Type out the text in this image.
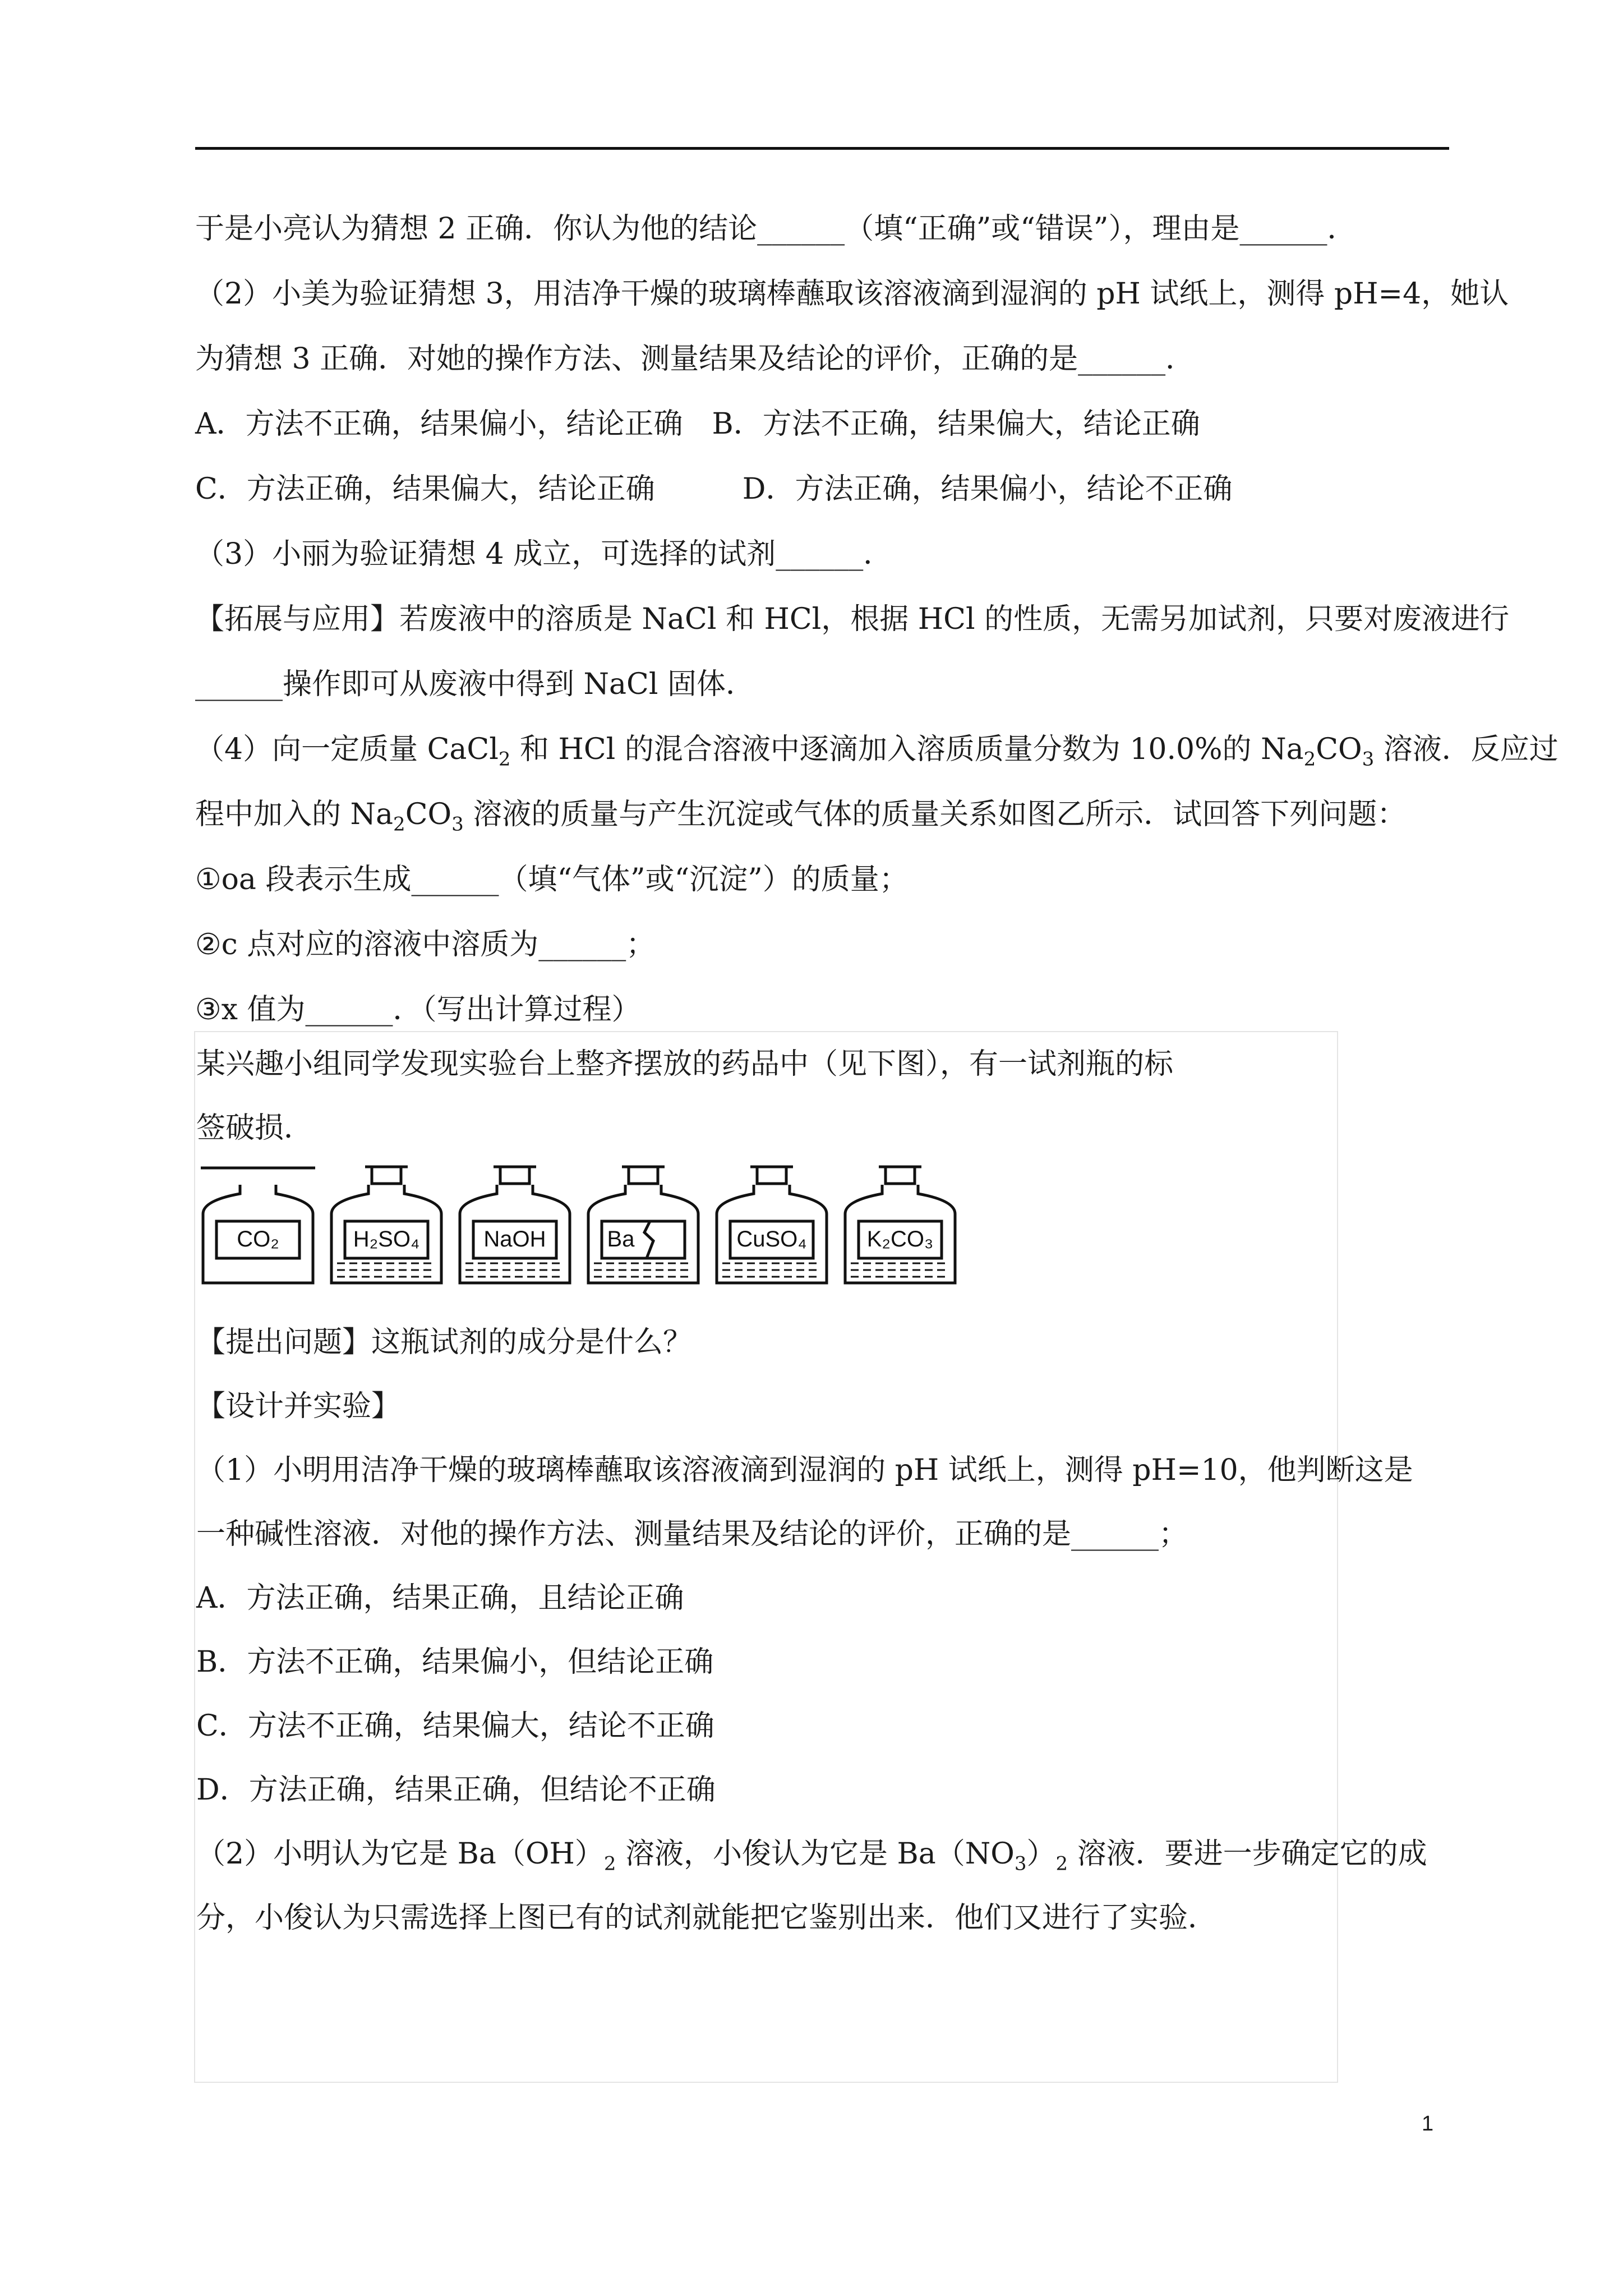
于是小亮认为猜想 2 正确．你认为他的结论______（填“正确”或“错误”），理由是______．
（2）小美为验证猜想 3，用洁净干燥的玻璃棒蘸取该溶液滴到湿润的 pH 试纸上，测得 pH=4，她认
为猜想 3 正确．对她的操作方法、测量结果及结论的评价，正确的是______．
A．方法不正确，结果偏小，结论正确　B．方法不正确，结果偏大，结论正确
C．方法正确，结果偏大，结论正确　　　D．方法正确，结果偏小，结论不正确
（3）小丽为验证猜想 4 成立，可选择的试剂______．
【拓展与应用】若废液中的溶质是 NaCl 和 HCl，根据 HCl 的性质，无需另加试剂，只要对废液进行
______操作即可从废液中得到 NaCl 固体．
（4）向一定质量 CaCl$_2$ 和 HCl 的混合溶液中逐滴加入溶质质量分数为 10.0%的 $Na_2CO_3$ 溶液．反应过
程中加入的 $Na_2CO_3$ 溶液的质量与产生沉淀或气体的质量关系如图乙所示．试回答下列问题：
①oa 段表示生成______（填“气体”或“沉淀”）的质量；
②c 点对应的溶液中溶质为______；
③x 值为______．（写出计算过程）
某兴趣小组同学发现实验台上整齐摆放的药品中（见下图），有一试剂瓶的标
签破损．
CO₂	H₂SO₄	NaOH	Ba	CuSO₄	K₂CO₃
【提出问题】这瓶试剂的成分是什么？
【设计并实验】
（1）小明用洁净干燥的玻璃棒蘸取该溶液滴到湿润的 pH 试纸上，测得 pH=10，他判断这是
一种碱性溶液．对他的操作方法、测量结果及结论的评价，正确的是______；
A．方法正确，结果正确，且结论正确
B．方法不正确，结果偏小，但结论正确
C．方法不正确，结果偏大，结论不正确
D．方法正确，结果正确，但结论不正确
（2）小明认为它是 $Ba(OH)_2$ 溶液，小俊认为它是 $Ba(NO_3)_2$ 溶液．要进一步确定它的成
分，小俊认为只需选择上图已有的试剂就能把它鉴别出来．他们又进行了实验．
1
